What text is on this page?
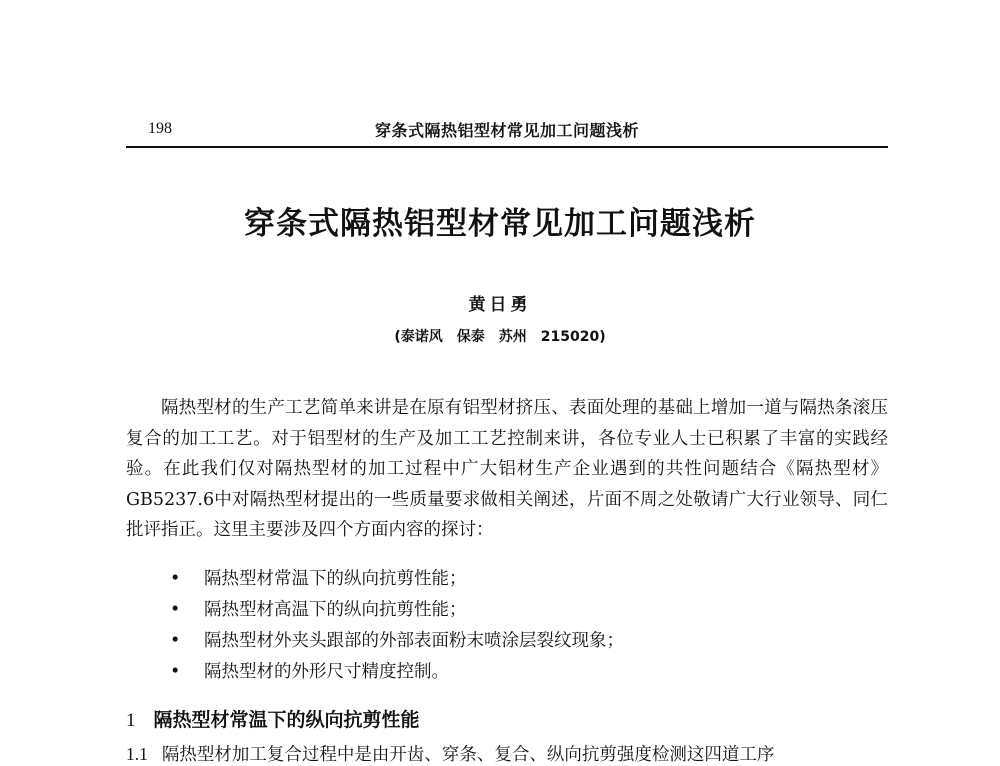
198	穿条式隔热铝型材常见加工问题浅析
穿条式隔热铝型材常见加工问题浅析
黄日勇
(泰诺风　保泰　苏州　215020)

隔热型材的生产工艺简单来讲是在原有铝型材挤压、表面处理的基础上增加一道与隔热条滚压复合的加工工艺。对于铝型材的生产及加工工艺控制来讲，各位专业人士已积累了丰富的实践经验。在此我们仅对隔热型材的加工过程中广大铝材生产企业遇到的共性问题结合《隔热型材》GB5237.6中对隔热型材提出的一些质量要求做相关阐述，片面不周之处敬请广大行业领导、同仁批评指正。这里主要涉及四个方面内容的探讨：

• 隔热型材常温下的纵向抗剪性能；
• 隔热型材高温下的纵向抗剪性能；
• 隔热型材外夹头跟部的外部表面粉末喷涂层裂纹现象；
• 隔热型材的外形尺寸精度控制。
1 隔热型材常温下的纵向抗剪性能
1.1 隔热型材加工复合过程中是由开齿、穿条、复合、纵向抗剪强度检测这四道工序
